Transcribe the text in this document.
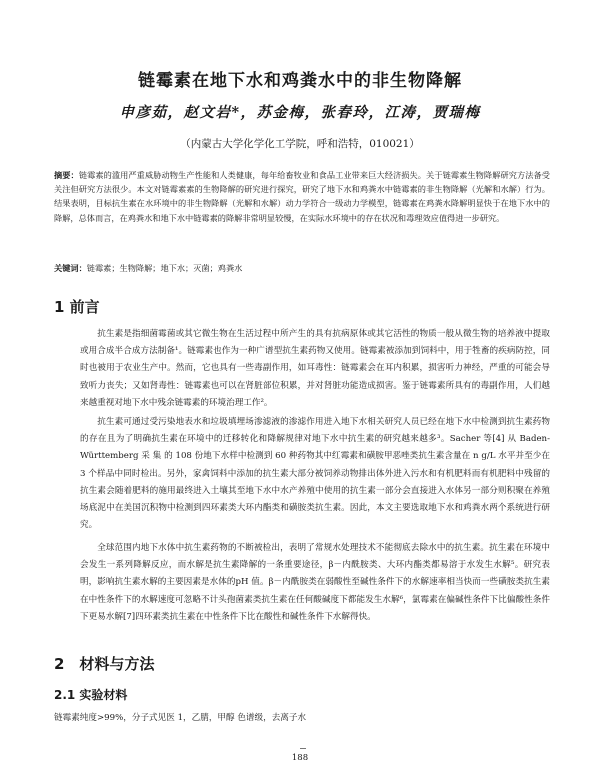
链霉素在地下水和鸡粪水中的非生物降解
申彦茹，赵文岩*，苏金梅，张春玲，江涛，贾瑞梅
（内蒙古大学化学化工学院，呼和浩特，010021）
摘要：链霉素的滥用严重威胁动物生产性能和人类健康，每年给畜牧业和食品工业带来巨大经济损失。关于链霉素生物降解研究方法备受关注但研究方法很少。本文对链霉素素的生物降解的研究进行探究，研究了地下水和鸡粪水中链霉素的非生物降解（光解和水解）行为。结果表明，目标抗生素在水环境中的非生物降解（光解和水解）动力学符合一级动力学模型，链霉素在鸡粪水降解明显快于在地下水中的降解，总体而言，在鸡粪水和地下水中链霉素的降解非常明显较慢，在实际水环境中的存在状况和毒理效应值得进一步研究。
关键词：链霉素；生物降解；地下水；灭菌；鸡粪水
1 前言

抗生素是指细菌霉菌或其它微生物在生活过程中所产生的具有抗病原体或其它活性的物质一般从微生物的培养液中提取或用合成半合成方法制备¹。链霉素也作为一种广谱型抗生素药物又使用。链霉素被添加到饲料中，用于牲畜的疾病防控，同时也被用于农业生产中。然而，它也具有一些毒副作用，如耳毒性：链霉素会在耳内积累，损害听力神经，严重的可能会导致听力丧失；又如肾毒性：链霉素也可以在肾脏部位积累，并对肾脏功能造成损害。鉴于链霉素所具有的毒副作用，人们越来越重视对地下水中残余链霉素的环境治理工作²。

抗生素可通过受污染地表水和垃圾填埋场渗滤液的渗滤作用进入地下水相关研究人员已经在地下水中检测到抗生素药物的存在且为了明确抗生素在环境中的迁移转化和降解规律对地下水中抗生素的研究越来越多³。Sacher 等[4] 从 Baden-Württemberg 采 集 的 108 份地下水样中检测到 60 种药物其中红霉素和磺胺甲恶唑类抗生素含量在 n g/L 水平并至少在 3 个样品中同时检出。另外，家禽饲料中添加的抗生素大部分被饲养动物排出体外进入污水和有机肥料而有机肥料中残留的抗生素会随着肥料的施用最终进入土壤其至地下水中水产养殖中使用的抗生素一部分会直接进入水体另一部分则积聚在养殖场底泥中在美国沉积物中检测到四环素类大环内酯类和磺胺类抗生素。因此，本文主要选取地下水和鸡粪水两个系统进行研究。

全球范围内地下水体中抗生素药物的不断被检出，表明了常规水处理技术不能彻底去除水中的抗生素。抗生素在环境中会发生一系列降解反应，而水解是抗生素降解的一条重要途径，β－内酰胺类、大环内酯类都易溶于水发生水解⁵。研究表明，影响抗生素水解的主要因素是水体的pH 值。β－内酰胺类在弱酸性至碱性条件下的水解速率相当快而一些磺胺类抗生素在中性条件下的水解速度可忽略不计头孢菌素类抗生素在任何酸碱度下都能发生水解⁶，氯霉素在偏碱性条件下比偏酸性条件下更易水解[7]四环素类抗生素在中性条件下比在酸性和碱性条件下水解得快。

2　材料与方法
2.1 实验材料
链霉素纯度>99%，分子式见医 1，乙腈，甲醇 色谱级，去离子水
188
